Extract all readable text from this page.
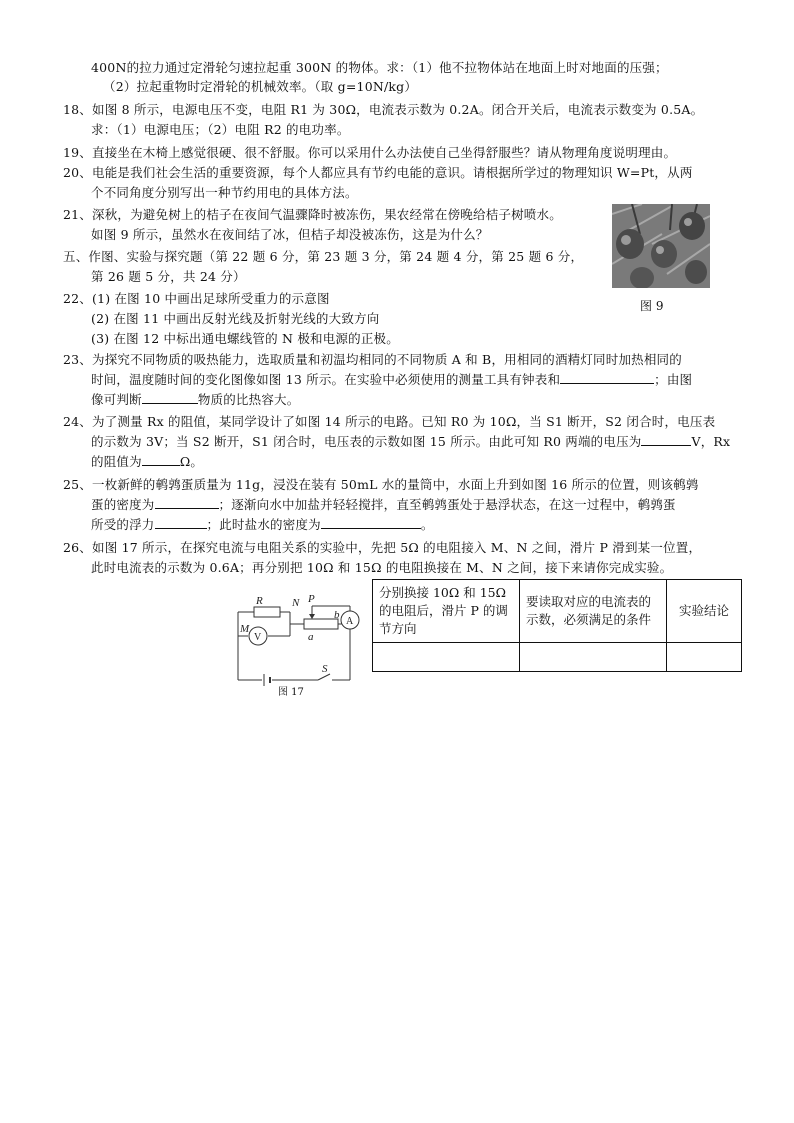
400N的拉力通过定滑轮匀速拉起重 300N 的物体。求：（1）他不拉物体站在地面上时对地面的压强；
（2）拉起重物时定滑轮的机械效率。（取 g=10N/kg）
18、如图 8 所示，电源电压不变，电阻 R1 为 30Ω，电流表示数为 0.2A。闭合开关后，电流表示数变为 0.5A。
求：（1）电源电压；（2）电阻 R2 的电功率。
19、直接坐在木椅上感觉很硬、很不舒服。你可以采用什么办法使自己坐得舒服些？请从物理角度说明理由。
20、电能是我们社会生活的重要资源，每个人都应具有节约电能的意识。请根据所学过的物理知识 W=Pt，从两
个不同角度分别写出一种节约用电的具体方法。
21、深秋，为避免树上的桔子在夜间气温骤降时被冻伤，果农经常在傍晚给桔子树喷水。
如图 9 所示，虽然水在夜间结了冰，但桔子却没被冻伤，这是为什么？
图 9
五、作图、实验与探究题（第 22 题 6 分，第 23 题 3 分，第 24 题 4 分，第 25 题 6 分，
第 26 题 5 分，共 24 分）
22、(1) 在图 10 中画出足球所受重力的示意图
(2) 在图 11 中画出反射光线及折射光线的大致方向
(3) 在图 12 中标出通电螺线管的 N 极和电源的正极。
23、为探究不同物质的吸热能力，选取质量和初温均相同的不同物质 A 和 B，用相同的酒精灯同时加热相同的
时间，温度随时间的变化图像如图 13 所示。在实验中必须使用的测量工具有钟表和	；由图
像可判断	物质的比热容大。
24、为了测量 Rx 的阻值，某同学设计了如图 14 所示的电路。已知 R0 为 10Ω，当 S1 断开，S2 闭合时，电压表
的示数为 3V；当 S2 断开，S1 闭合时，电压表的示数如图 15 所示。由此可知 R0 两端的电压为	V，Rx
的阻值为	Ω。
25、一枚新鲜的鹌鹑蛋质量为 11g，浸没在装有 50mL 水的量筒中，水面上升到如图 16 所示的位置，则该鹌鹑
蛋的密度为	；逐渐向水中加盐并轻轻搅拌，直至鹌鹑蛋处于悬浮状态，在这一过程中，鹌鹑蛋
所受的浮力	；此时盐水的密度为	。
26、如图 17 所示，在探究电流与电阻关系的实验中，先把 5Ω 的电阻接入 M、N 之间，滑片 P 滑到某一位置，
此时电流表的示数为 0.6A；再分别把 10Ω 和 15Ω 的电阻换接在 M、N 之间，接下来请你完成实验。
R	N P
M
V
A
a
b
S
图 17
分别换接 10Ω 和 15Ω 的电阻后，滑片 P 的调节方向	要读取对应的电流表的示数，必须满足的条件	实验结论
